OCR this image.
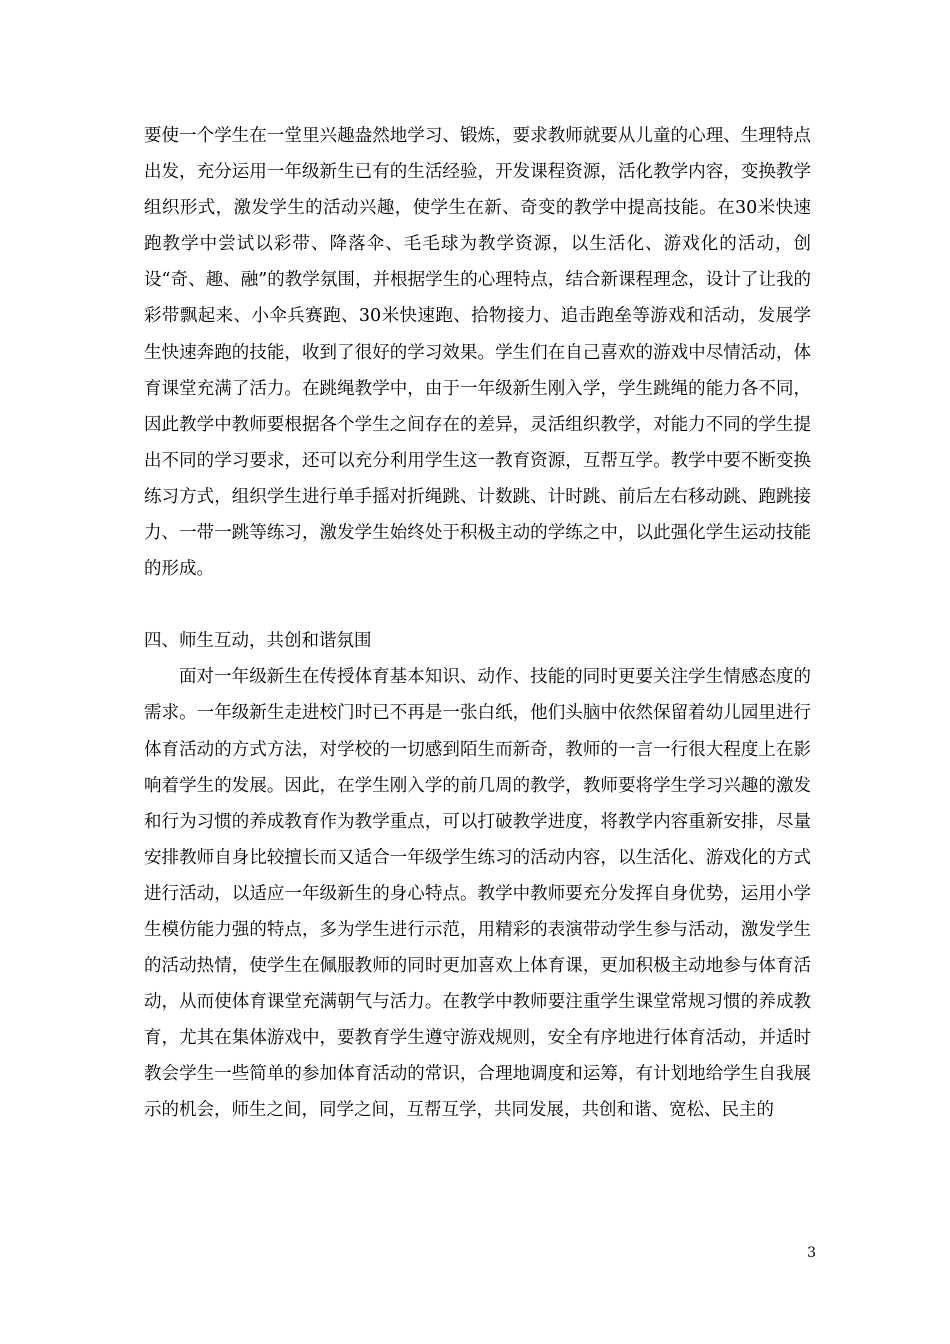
要使一个学生在一堂里兴趣盎然地学习、锻炼，要求教师就要从儿童的心理、生理特点出发，充分运用一年级新生已有的生活经验，开发课程资源，活化教学内容，变换教学组织形式，激发学生的活动兴趣，使学生在新、奇变的教学中提高技能。在30米快速跑教学中尝试以彩带、降落伞、毛毛球为教学资源，以生活化、游戏化的活动，创设“奇、趣、融”的教学氛围，并根据学生的心理特点，结合新课程理念，设计了让我的彩带飘起来、小伞兵赛跑、30米快速跑、拾物接力、追击跑垒等游戏和活动，发展学生快速奔跑的技能，收到了很好的学习效果。学生们在自己喜欢的游戏中尽情活动，体育课堂充满了活力。在跳绳教学中，由于一年级新生刚入学，学生跳绳的能力各不同，因此教学中教师要根据各个学生之间存在的差异，灵活组织教学，对能力不同的学生提出不同的学习要求，还可以充分利用学生这一教育资源，互帮互学。教学中要不断变换练习方式，组织学生进行单手摇对折绳跳、计数跳、计时跳、前后左右移动跳、跑跳接力、一带一跳等练习，激发学生始终处于积极主动的学练之中，以此强化学生运动技能的形成。

四、师生互动，共创和谐氛围

面对一年级新生在传授体育基本知识、动作、技能的同时更要关注学生情感态度的需求。一年级新生走进校门时已不再是一张白纸，他们头脑中依然保留着幼儿园里进行体育活动的方式方法，对学校的一切感到陌生而新奇，教师的一言一行很大程度上在影响着学生的发展。因此，在学生刚入学的前几周的教学，教师要将学生学习兴趣的激发和行为习惯的养成教育作为教学重点，可以打破教学进度，将教学内容重新安排，尽量安排教师自身比较擅长而又适合一年级学生练习的活动内容，以生活化、游戏化的方式进行活动，以适应一年级新生的身心特点。教学中教师要充分发挥自身优势，运用小学生模仿能力强的特点，多为学生进行示范，用精彩的表演带动学生参与活动，激发学生的活动热情，使学生在佩服教师的同时更加喜欢上体育课，更加积极主动地参与体育活动，从而使体育课堂充满朝气与活力。在教学中教师要注重学生课堂常规习惯的养成教育，尤其在集体游戏中，要教育学生遵守游戏规则，安全有序地进行体育活动，并适时教会学生一些简单的参加体育活动的常识，合理地调度和运筹，有计划地给学生自我展示的机会，师生之间，同学之间，互帮互学，共同发展，共创和谐、宽松、民主的

3
